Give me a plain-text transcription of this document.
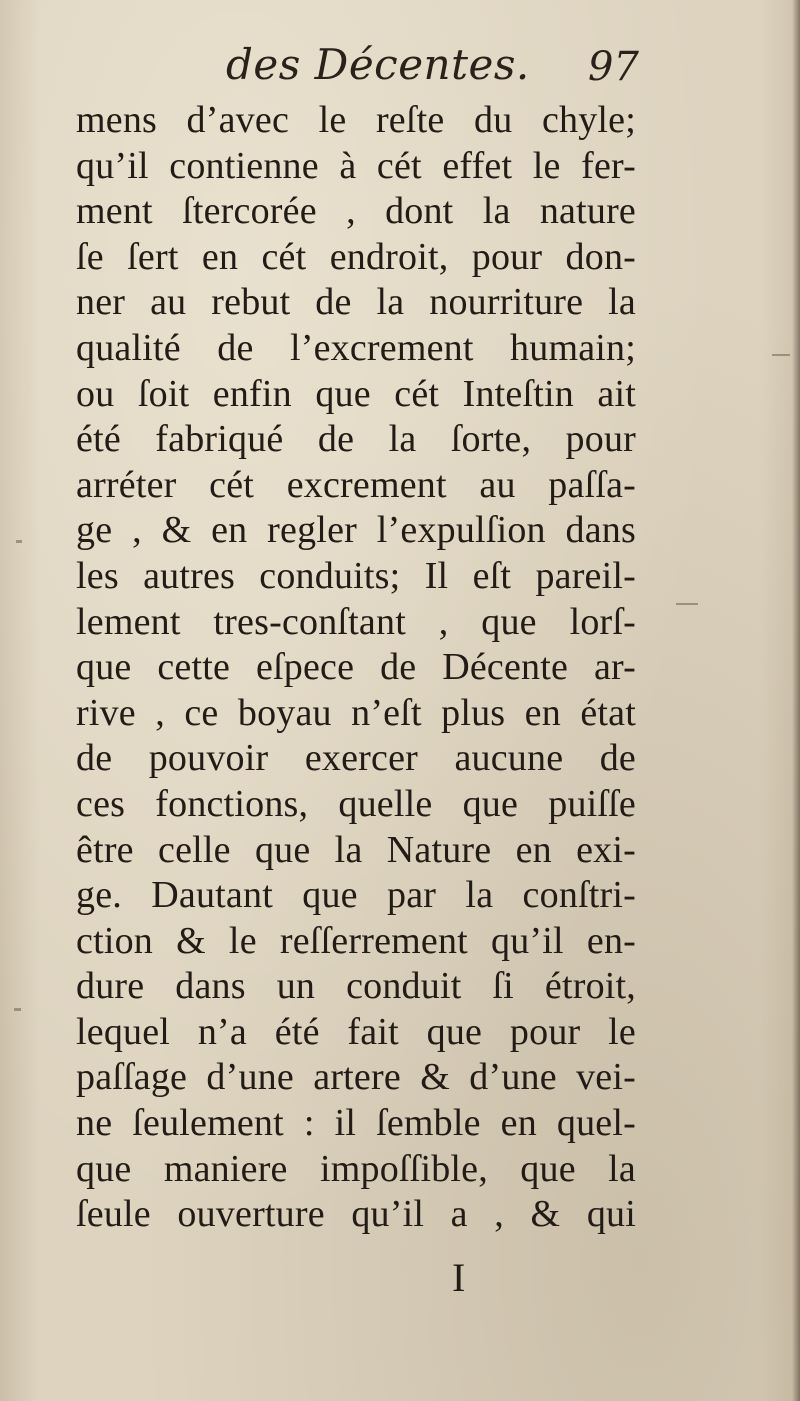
des Décentes. 97
mens d’avec le reſte du chyle;
qu’il contienne à cét effet le fer-
ment ſtercorée , dont la nature
ſe ſert en cét endroit, pour don-
ner au rebut de la nourriture la
qualité de l’excrement humain;
ou ſoit enfin que cét Inteſtin ait
été fabriqué de la ſorte, pour
arréter cét excrement au paſſa-
ge , & en regler l’expulſion dans
les autres conduits; Il eſt pareil-
lement tres-conſtant , que lorſ-
que cette eſpece de Décente ar-
rive , ce boyau n’eſt plus en état
de pouvoir exercer aucune de
ces fonctions, quelle que puiſſe
être celle que la Nature en exi-
ge. Dautant que par la conſtri-
ction & le reſſerrement qu’il en-
dure dans un conduit ſi étroit,
lequel n’a été fait que pour le
paſſage d’une artere & d’une vei-
ne ſeulement : il ſemble en quel-
que maniere impoſſible, que la
ſeule ouverture qu’il a , & qui
I
